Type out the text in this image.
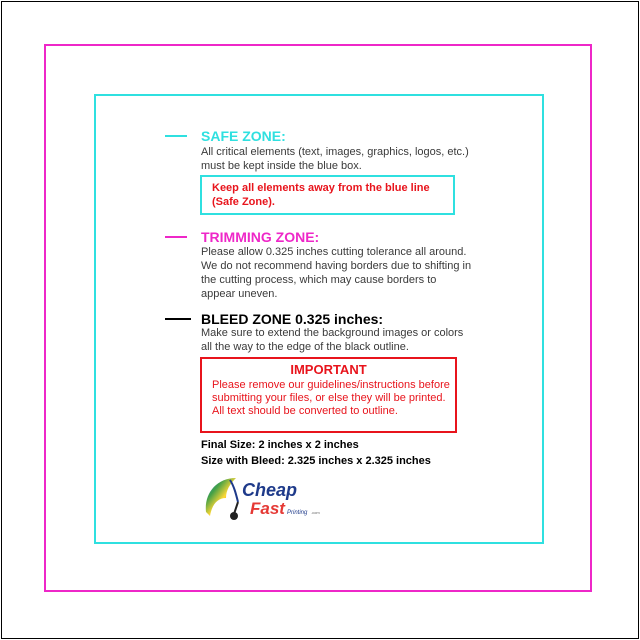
SAFE ZONE:
All critical elements (text, images, graphics, logos, etc.)
must be kept inside the blue box.
Keep all elements away from the blue line
(Safe Zone).
TRIMMING ZONE:
Please allow 0.325 inches cutting tolerance all around.
We do not recommend having borders due to shifting in
the cutting process, which may cause borders to
appear uneven.
BLEED ZONE 0.325 inches:
Make sure to extend the background images or colors
all the way to the edge of the black outline.
IMPORTANT
Please remove our guidelines/instructions before
submitting your files, or else they will be printed.
All text should be converted to outline.
Final Size: 2 inches x 2 inches
Size with Bleed: 2.325 inches x 2.325 inches
Cheap
Fast Printing .com
